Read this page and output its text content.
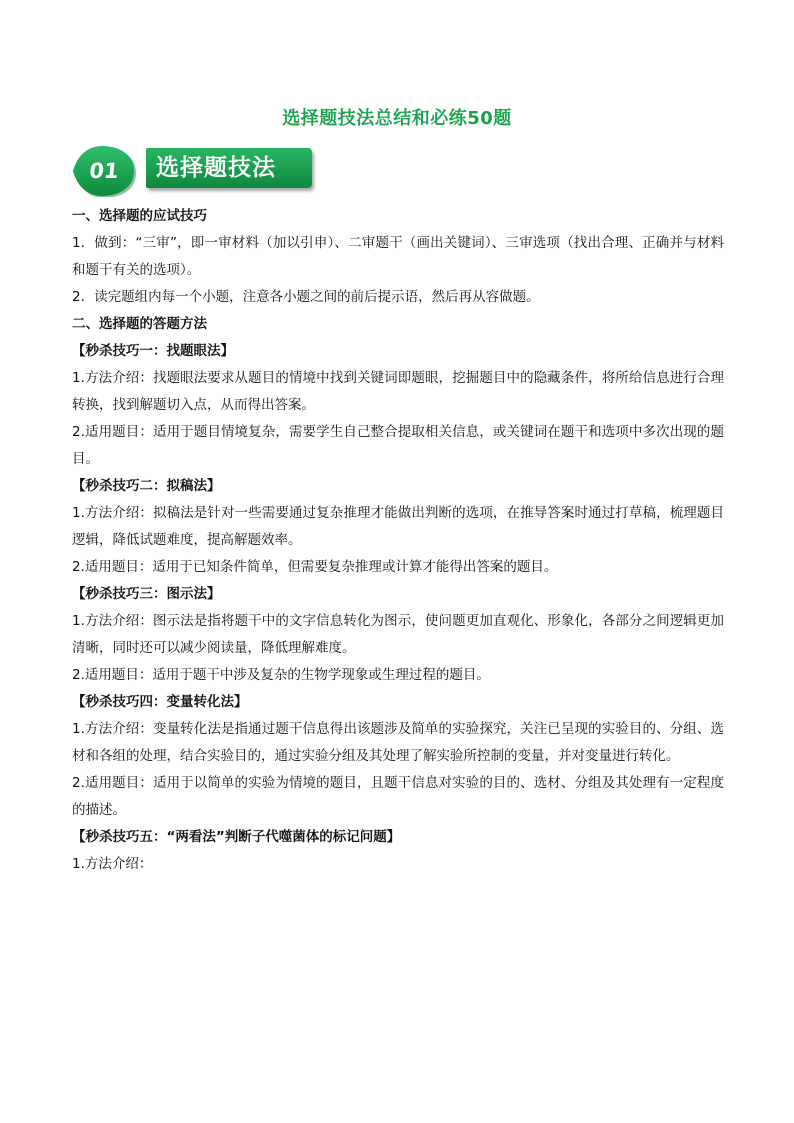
选择题技法总结和必练50题
01	选择题技法
一、选择题的应试技巧
1．做到：“三审”，即一审材料（加以引申）、二审题干（画出关键词）、三审选项（找出合理、正确并与材料和题干有关的选项）。
2．读完题组内每一个小题，注意各小题之间的前后提示语，然后再从容做题。
二、选择题的答题方法
【秒杀技巧一：找题眼法】
1.方法介绍：找题眼法要求从题目的情境中找到关键词即题眼，挖掘题目中的隐藏条件，将所给信息进行合理转换，找到解题切入点，从而得出答案。
2.适用题目：适用于题目情境复杂，需要学生自己整合提取相关信息，或关键词在题干和选项中多次出现的题目。
【秒杀技巧二：拟稿法】
1.方法介绍：拟稿法是针对一些需要通过复杂推理才能做出判断的选项，在推导答案时通过打草稿，梳理题目逻辑，降低试题难度，提高解题效率。
2.适用题目：适用于已知条件简单，但需要复杂推理或计算才能得出答案的题目。
【秒杀技巧三：图示法】
1.方法介绍：图示法是指将题干中的文字信息转化为图示，使问题更加直观化、形象化，各部分之间逻辑更加清晰，同时还可以减少阅读量，降低理解难度。
2.适用题目：适用于题干中涉及复杂的生物学现象或生理过程的题目。
【秒杀技巧四：变量转化法】
1.方法介绍：变量转化法是指通过题干信息得出该题涉及简单的实验探究，关注已呈现的实验目的、分组、选材和各组的处理，结合实验目的，通过实验分组及其处理了解实验所控制的变量，并对变量进行转化。
2.适用题目：适用于以简单的实验为情境的题目，且题干信息对实验的目的、选材、分组及其处理有一定程度的描述。
【秒杀技巧五：“两看法”判断子代噬菌体的标记问题】
1.方法介绍：
